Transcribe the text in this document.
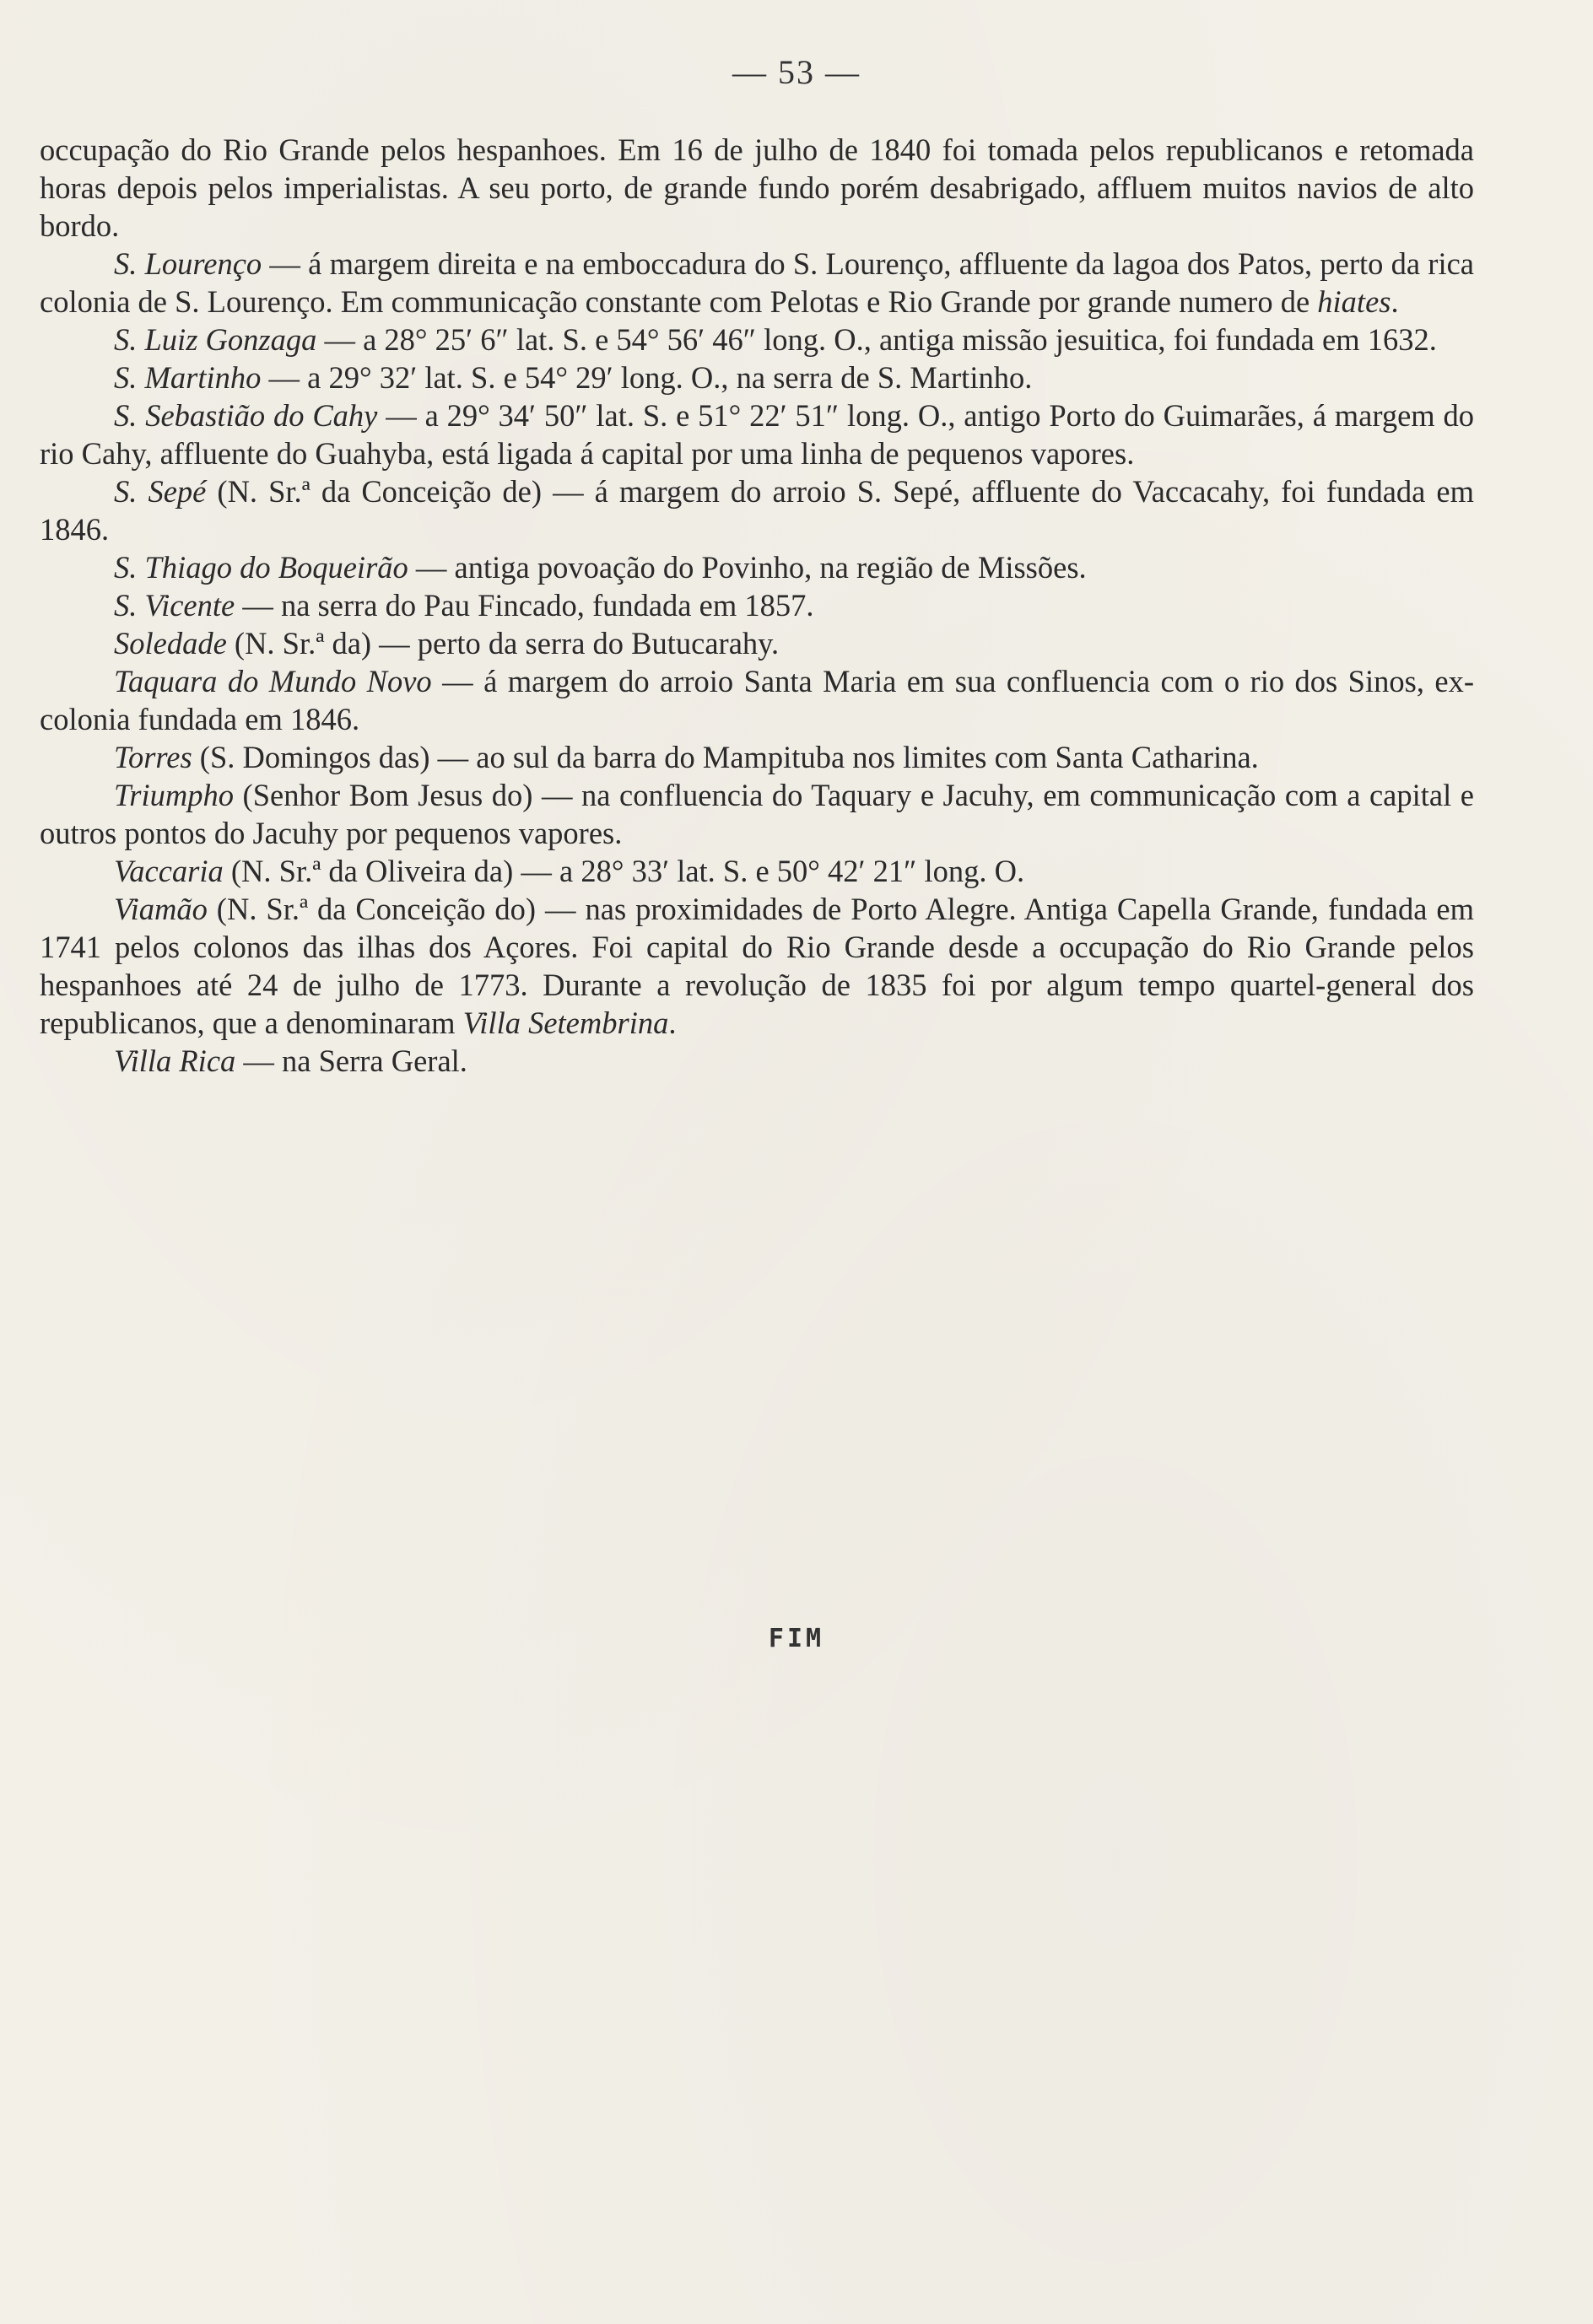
— 53 —

occupação do Rio Grande pelos hespanhoes. Em 16 de julho de 1840 foi tomada pelos republicanos e retomada horas depois pelos imperialistas. A seu porto, de grande fundo porém desabrigado, affluem muitos navios de alto bordo.

S. Lourenço — á margem direita e na emboccadura do S. Lourenço, affluente da lagoa dos Patos, perto da rica colonia de S. Lourenço. Em communicação constante com Pelotas e Rio Grande por grande numero de hiates.

S. Luiz Gonzaga — a 28° 25′ 6″ lat. S. e 54° 56′ 46″ long. O., antiga missão jesuitica, foi fundada em 1632.

S. Martinho — a 29° 32′ lat. S. e 54° 29′ long. O., na serra de S. Martinho.

S. Sebastião do Cahy — a 29° 34′ 50″ lat. S. e 51° 22′ 51″ long. O., antigo Porto do Guimarães, á margem do rio Cahy, affluente do Guahyba, está ligada á capital por uma linha de pequenos vapores.

S. Sepé (N. Sr.ª da Conceição de) — á margem do arroio S. Sepé, affluente do Vaccacahy, foi fundada em 1846.

S. Thiago do Boqueirão — antiga povoação do Povinho, na região de Missões.

S. Vicente — na serra do Pau Fincado, fundada em 1857.

Soledade (N. Sr.ª da) — perto da serra do Butucarahy.

Taquara do Mundo Novo — á margem do arroio Santa Maria em sua confluencia com o rio dos Sinos, ex-colonia fundada em 1846.

Torres (S. Domingos das) — ao sul da barra do Mampituba nos limites com Santa Catharina.

Triumpho (Senhor Bom Jesus do) — na confluencia do Taquary e Jacuhy, em communicação com a capital e outros pontos do Jacuhy por pequenos vapores.

Vaccaria (N. Sr.ª da Oliveira da) — a 28° 33′ lat. S. e 50° 42′ 21″ long. O.

Viamão (N. Sr.ª da Conceição do) — nas proximidades de Porto Alegre. Antiga Capella Grande, fundada em 1741 pelos colonos das ilhas dos Açores. Foi capital do Rio Grande desde a occupação do Rio Grande pelos hespanhoes até 24 de julho de 1773. Durante a revolução de 1835 foi por algum tempo quartel-general dos republicanos, que a denominaram Villa Setembrina.

Villa Rica — na Serra Geral.

FIM
